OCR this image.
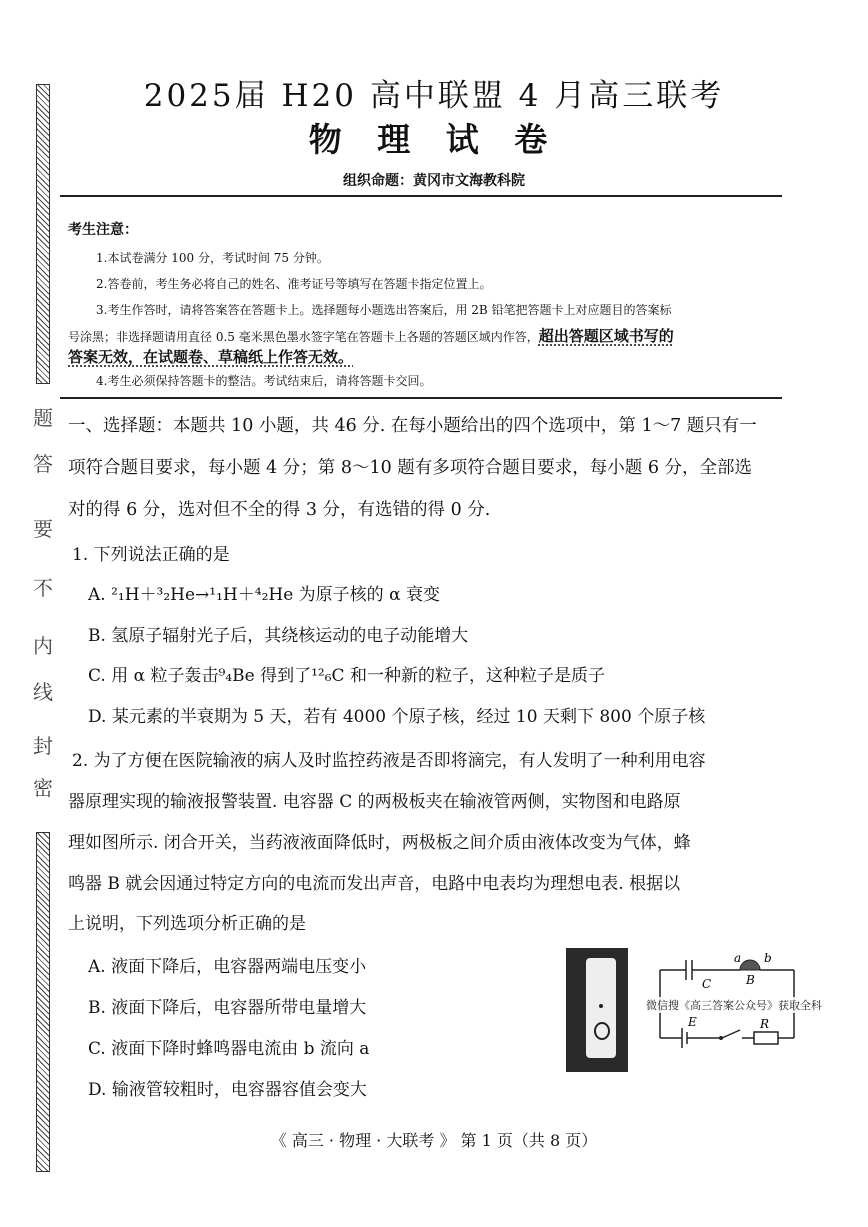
题
答
要
不
内
线
封
密
2025届 H20 高中联盟 4 月高三联考
物 理 试 卷
组织命题：黄冈市文海教科院
考生注意：
1.本试卷满分 100 分，考试时间 75 分钟。
2.答卷前，考生务必将自己的姓名、准考证号等填写在答题卡指定位置上。
3.考生作答时，请将答案答在答题卡上。选择题每小题选出答案后，用 2B 铅笔把答题卡上对应题目的答案标
号涂黑；非选择题请用直径 0.5 毫米黑色墨水签字笔在答题卡上各题的答题区域内作答，超出答题区域书写的
答案无效，在试题卷、草稿纸上作答无效。
4.考生必须保持答题卡的整洁。考试结束后，请将答题卡交回。
一、选择题：本题共 10 小题，共 46 分. 在每小题给出的四个选项中，第 1～7 题只有一
项符合题目要求，每小题 4 分；第 8～10 题有多项符合题目要求，每小题 6 分，全部选
对的得 6 分，选对但不全的得 3 分，有选错的得 0 分.
1. 下列说法正确的是
A. ²₁H＋³₂He→¹₁H＋⁴₂He 为原子核的 α 衰变
B. 氢原子辐射光子后，其绕核运动的电子动能增大
C. 用 α 粒子轰击⁹₄Be 得到了¹²₆C 和一种新的粒子，这种粒子是质子
D. 某元素的半衰期为 5 天，若有 4000 个原子核，经过 10 天剩下 800 个原子核
2. 为了方便在医院输液的病人及时监控药液是否即将滴完，有人发明了一种利用电容
器原理实现的输液报警装置. 电容器 C 的两极板夹在输液管两侧，实物图和电路原
理如图所示. 闭合开关，当药液液面降低时，两极板之间介质由液体改变为气体，蜂
鸣器 B 就会因通过特定方向的电流而发出声音，电路中电表均为理想电表. 根据以
上说明，下列选项分析正确的是
A. 液面下降后，电容器两端电压变小
B. 液面下降后，电容器所带电量增大
C. 液面下降时蜂鸣器电流由 b 流向 a
D. 输液管较粗时，电容器容值会变大
a b
B
C
E	R
微信搜《高三答案公众号》获取全科
《 高三 · 物理 · 大联考 》 第 1 页（共 8 页）
